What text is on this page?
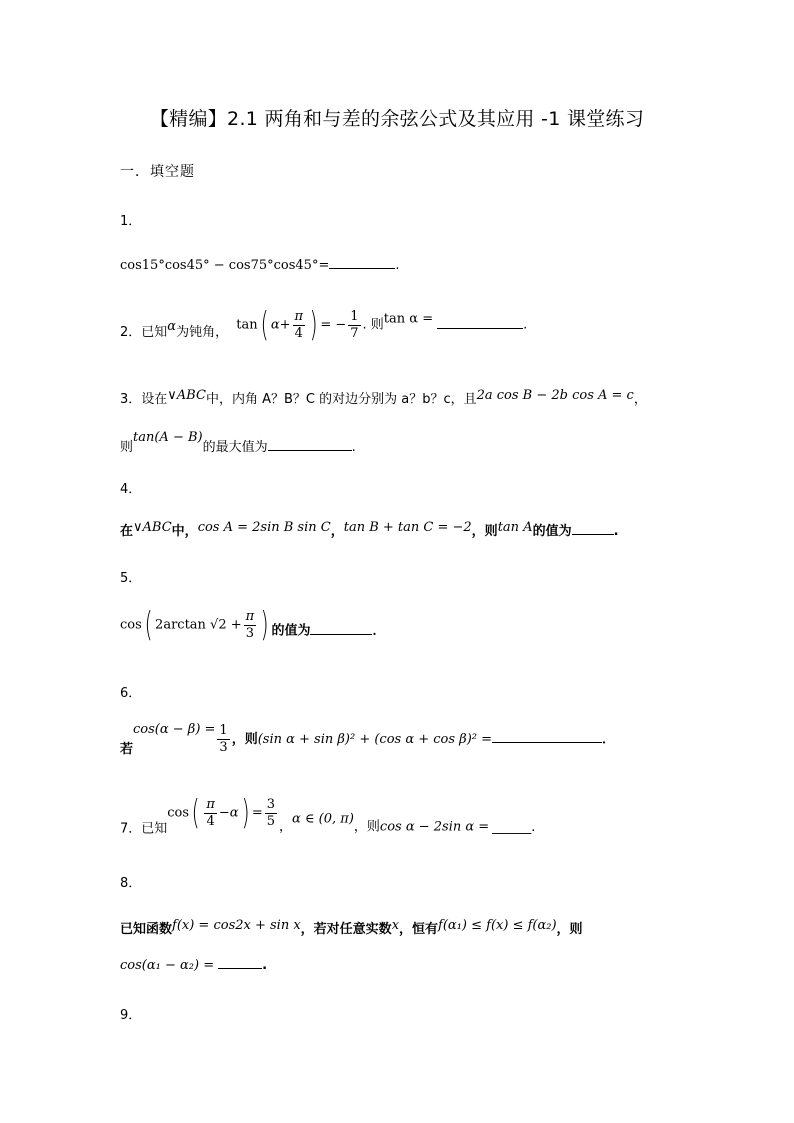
【精编】2.1 两角和与差的余弦公式及其应用 -1 课堂练习
一．填空题
1．
cos15°cos45° − cos75°cos45°=	.
2．已知α为钝角， tan( $\alpha+ \frac{\pi}{4}$ ) = − $\frac{1}{7}$ . 则tan α =	.
3．设在∨ABC中，内角 A？B？C 的对边分别为 a？b？c，且2a cos B − 2b cos A = c，
则tan(A − B)的最大值为	.
4．
在∨ABC中，cos A = 2sin B sin C，tan B + tan C = −2，则tan A的值为	.
5．
cos( 2arctan $√2 + \frac{\pi}{3}$ ) 的值为	．
6．
若$\cos(\alpha - \beta) = \frac{1}{3}$ ，则(sin α + sin β)² + (cos α + cos β)² =	．
7．已知$\cos( \frac{\pi}{4} -\alpha) = \frac{3}{5}$ ，α ∈ (0, π)，则cos α − 2sin α = ______.
8．
已知函数f(x) = cos2x + sin x，若对任意实数x，恒有f(α₁) ≤ f(x) ≤ f(α₂)，则
cos(α₁ − α₂) =	.
9．
